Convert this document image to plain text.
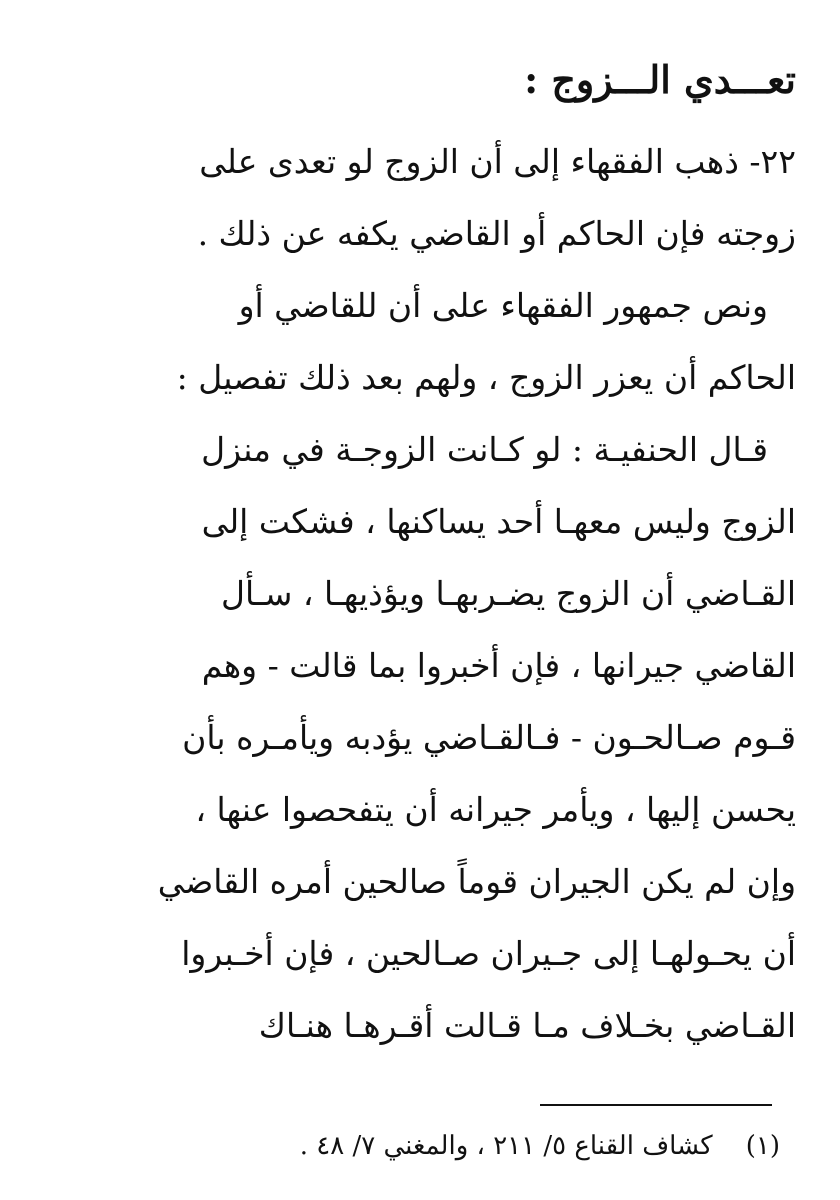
تعـــدي الـــزوج :
٢٢- ذهب الفقهاء إلى أن الزوج لو تعدى على
زوجته فإن الحاكم أو القاضي يكفه عن ذلك .
ونص جمهور الفقهاء على أن للقاضي أو
الحاكم أن يعزر الزوج ، ولهم بعد ذلك تفصيل :
قـال الحنفيـة : لو كـانت الزوجـة في منزل
الزوج وليس معهـا أحد يساكنها ، فشكت إلى
القـاضي أن الزوج يضـربهـا ويؤذيهـا ، سـأل
القاضي جيرانها ، فإن أخبروا بما قالت - وهم
قـوم صـالحـون - فـالقـاضي يؤدبه ويأمـره بأن
يحسن إليها ، ويأمر جيرانه أن يتفحصوا عنها ،
وإن لم يكن الجيران قوماً صالحين أمره القاضي
أن يحـولهـا إلى جـيران صـالحين ، فإن أخـبروا
القـاضي بخـلاف مـا قـالت أقـرهـا هنـاك
(١)    كشاف القناع ٥/ ٢١١ ، والمغني ٧/ ٤٨ .
